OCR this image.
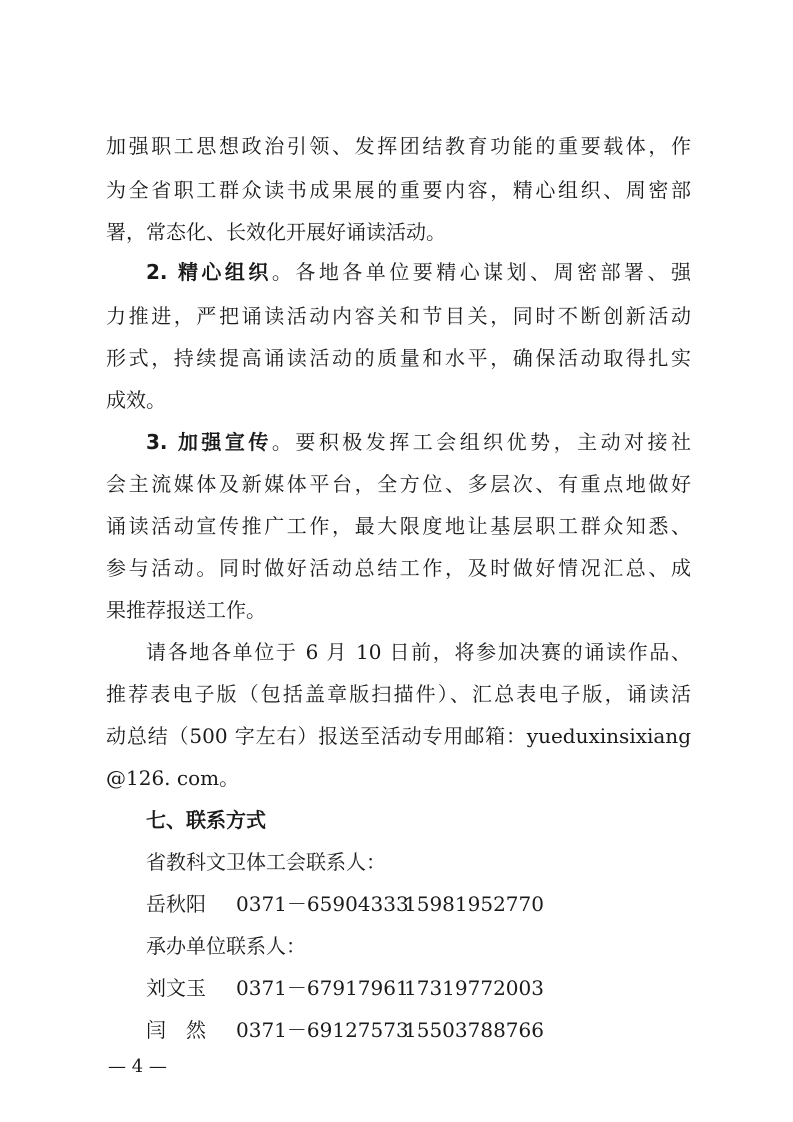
加强职工思想政治引领、发挥团结教育功能的重要载体，作
为全省职工群众读书成果展的重要内容，精心组织、周密部
署，常态化、长效化开展好诵读活动。
2. 精心组织。各地各单位要精心谋划、周密部署、强
力推进，严把诵读活动内容关和节目关，同时不断创新活动
形式，持续提高诵读活动的质量和水平，确保活动取得扎实
成效。
3. 加强宣传。要积极发挥工会组织优势，主动对接社
会主流媒体及新媒体平台，全方位、多层次、有重点地做好
诵读活动宣传推广工作，最大限度地让基层职工群众知悉、
参与活动。同时做好活动总结工作，及时做好情况汇总、成
果推荐报送工作。
请各地各单位于 6 月 10 日前，将参加决赛的诵读作品、
推荐表电子版（包括盖章版扫描件）、汇总表电子版，诵读活
动总结（500 字左右）报送至活动专用邮箱：yueduxinsixiang
@126. com。
七、联系方式
省教科文卫体工会联系人：
岳秋阳 0371－6590433315981952770
承办单位联系人：
刘文玉 0371－6791796117319772003
闫　然 0371－6912757315503788766
— 4 —
